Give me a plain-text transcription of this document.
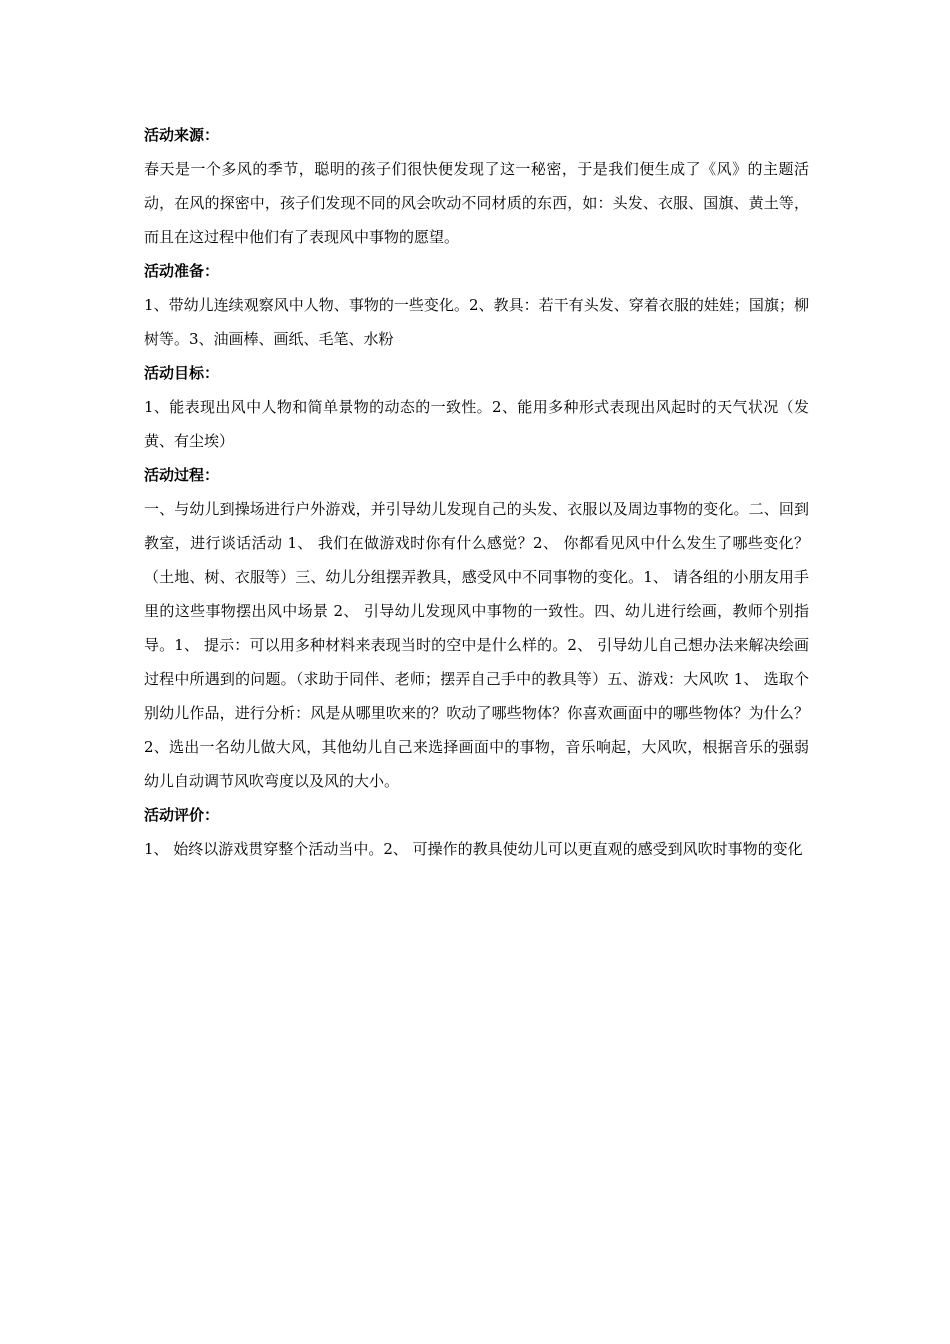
活动来源：

春天是一个多风的季节，聪明的孩子们很快便发现了这一秘密，于是我们便生成了《风》的主题活动，在风的探密中，孩子们发现不同的风会吹动不同材质的东西，如：头发、衣服、国旗、黄土等，而且在这过程中他们有了表现风中事物的愿望。

活动准备：

1、带幼儿连续观察风中人物、事物的一些变化。2、教具：若干有头发、穿着衣服的娃娃；国旗；柳树等。3、油画棒、画纸、毛笔、水粉

活动目标：

1、能表现出风中人物和简单景物的动态的一致性。2、能用多种形式表现出风起时的天气状况（发黄、有尘埃）

活动过程：

一、与幼儿到操场进行户外游戏，并引导幼儿发现自己的头发、衣服以及周边事物的变化。二、回到教室，进行谈话活动 1、 我们在做游戏时你有什么感觉？2、 你都看见风中什么发生了哪些变化？（土地、树、衣服等）三、幼儿分组摆弄教具，感受风中不同事物的变化。1、 请各组的小朋友用手里的这些事物摆出风中场景 2、 引导幼儿发现风中事物的一致性。四、幼儿进行绘画，教师个别指导。1、 提示：可以用多种材料来表现当时的空中是什么样的。2、 引导幼儿自己想办法来解决绘画过程中所遇到的问题。（求助于同伴、老师；摆弄自己手中的教具等）五、游戏：大风吹 1、 选取个别幼儿作品，进行分析：风是从哪里吹来的？吹动了哪些物体？你喜欢画面中的哪些物体？为什么？2、选出一名幼儿做大风，其他幼儿自己来选择画面中的事物，音乐响起，大风吹，根据音乐的强弱幼儿自动调节风吹弯度以及风的大小。

活动评价：

1、 始终以游戏贯穿整个活动当中。2、 可操作的教具使幼儿可以更直观的感受到风吹时事物的变化
